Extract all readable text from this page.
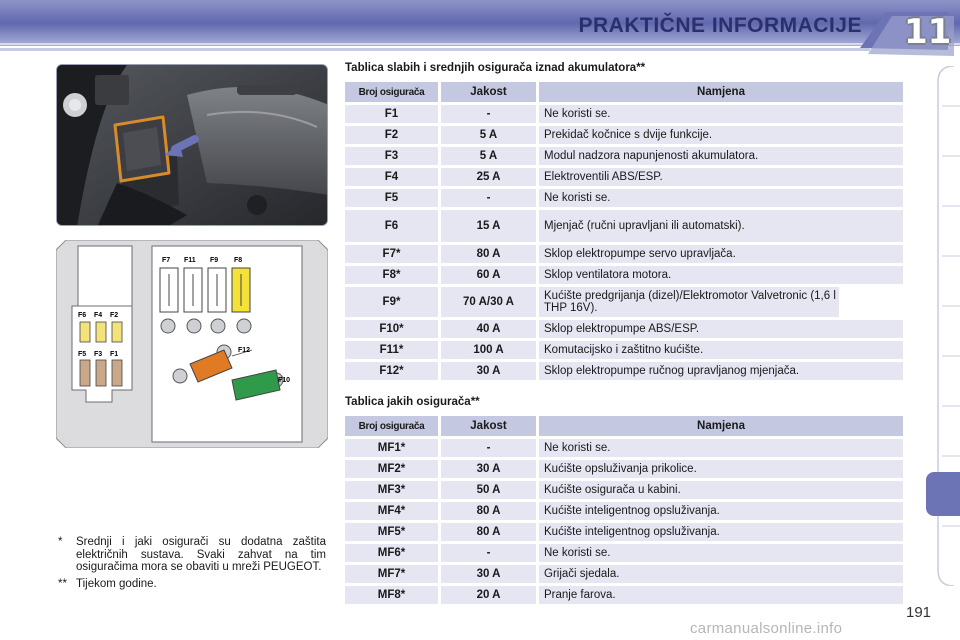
PRAKTIČNE INFORMACIJE 11
F7 F11 F9 F8
F6 F4 F2
F5 F3 F1
F12
F10
Tablica slabih i srednjih osigurača iznad akumulatora**
Broj osigurača	Jakost	Namjena
F1	-	Ne koristi se.
F2	5 A	Prekidač kočnice s dvije funkcije.
F3	5 A	Modul nadzora napunjenosti akumulatora.
F4	25 A	Elektroventili ABS/ESP.
F5	-	Ne koristi se.
F6	15 A	Mjenjač (ručni upravljani ili automatski).
F7*	80 A	Sklop elektropumpe servo upravljača.
F8*	60 A	Sklop ventilatora motora.
F9*	70 A/30 A	Kućište predgrijanja (dizel)/Elektromotor Valvetronic (1,6 l THP 16V).
F10*	40 A	Sklop elektropumpe ABS/ESP.
F11*	100 A	Komutacijsko i zaštitno kućište.
F12*	30 A	Sklop elektropumpe ručnog upravljanog mjenjača.
Tablica jakih osigurača**
Broj osigurača	Jakost	Namjena
MF1*	-	Ne koristi se.
MF2*	30 A	Kućište opsluživanja prikolice.
MF3*	50 A	Kućište osigurača u kabini.
MF4*	80 A	Kućište inteligentnog opsluživanja.
MF5*	80 A	Kućište inteligentnog opsluživanja.
MF6*	-	Ne koristi se.
MF7*	30 A	Grijači sjedala.
MF8*	20 A	Pranje farova.
*	Srednji i jaki osigurači su dodatna zaštita električnih sustava. Svaki zahvat na tim osiguračima mora se obaviti u mreži PEUGEOT.
** Tijekom godine.
191
carmanualsonline.info
